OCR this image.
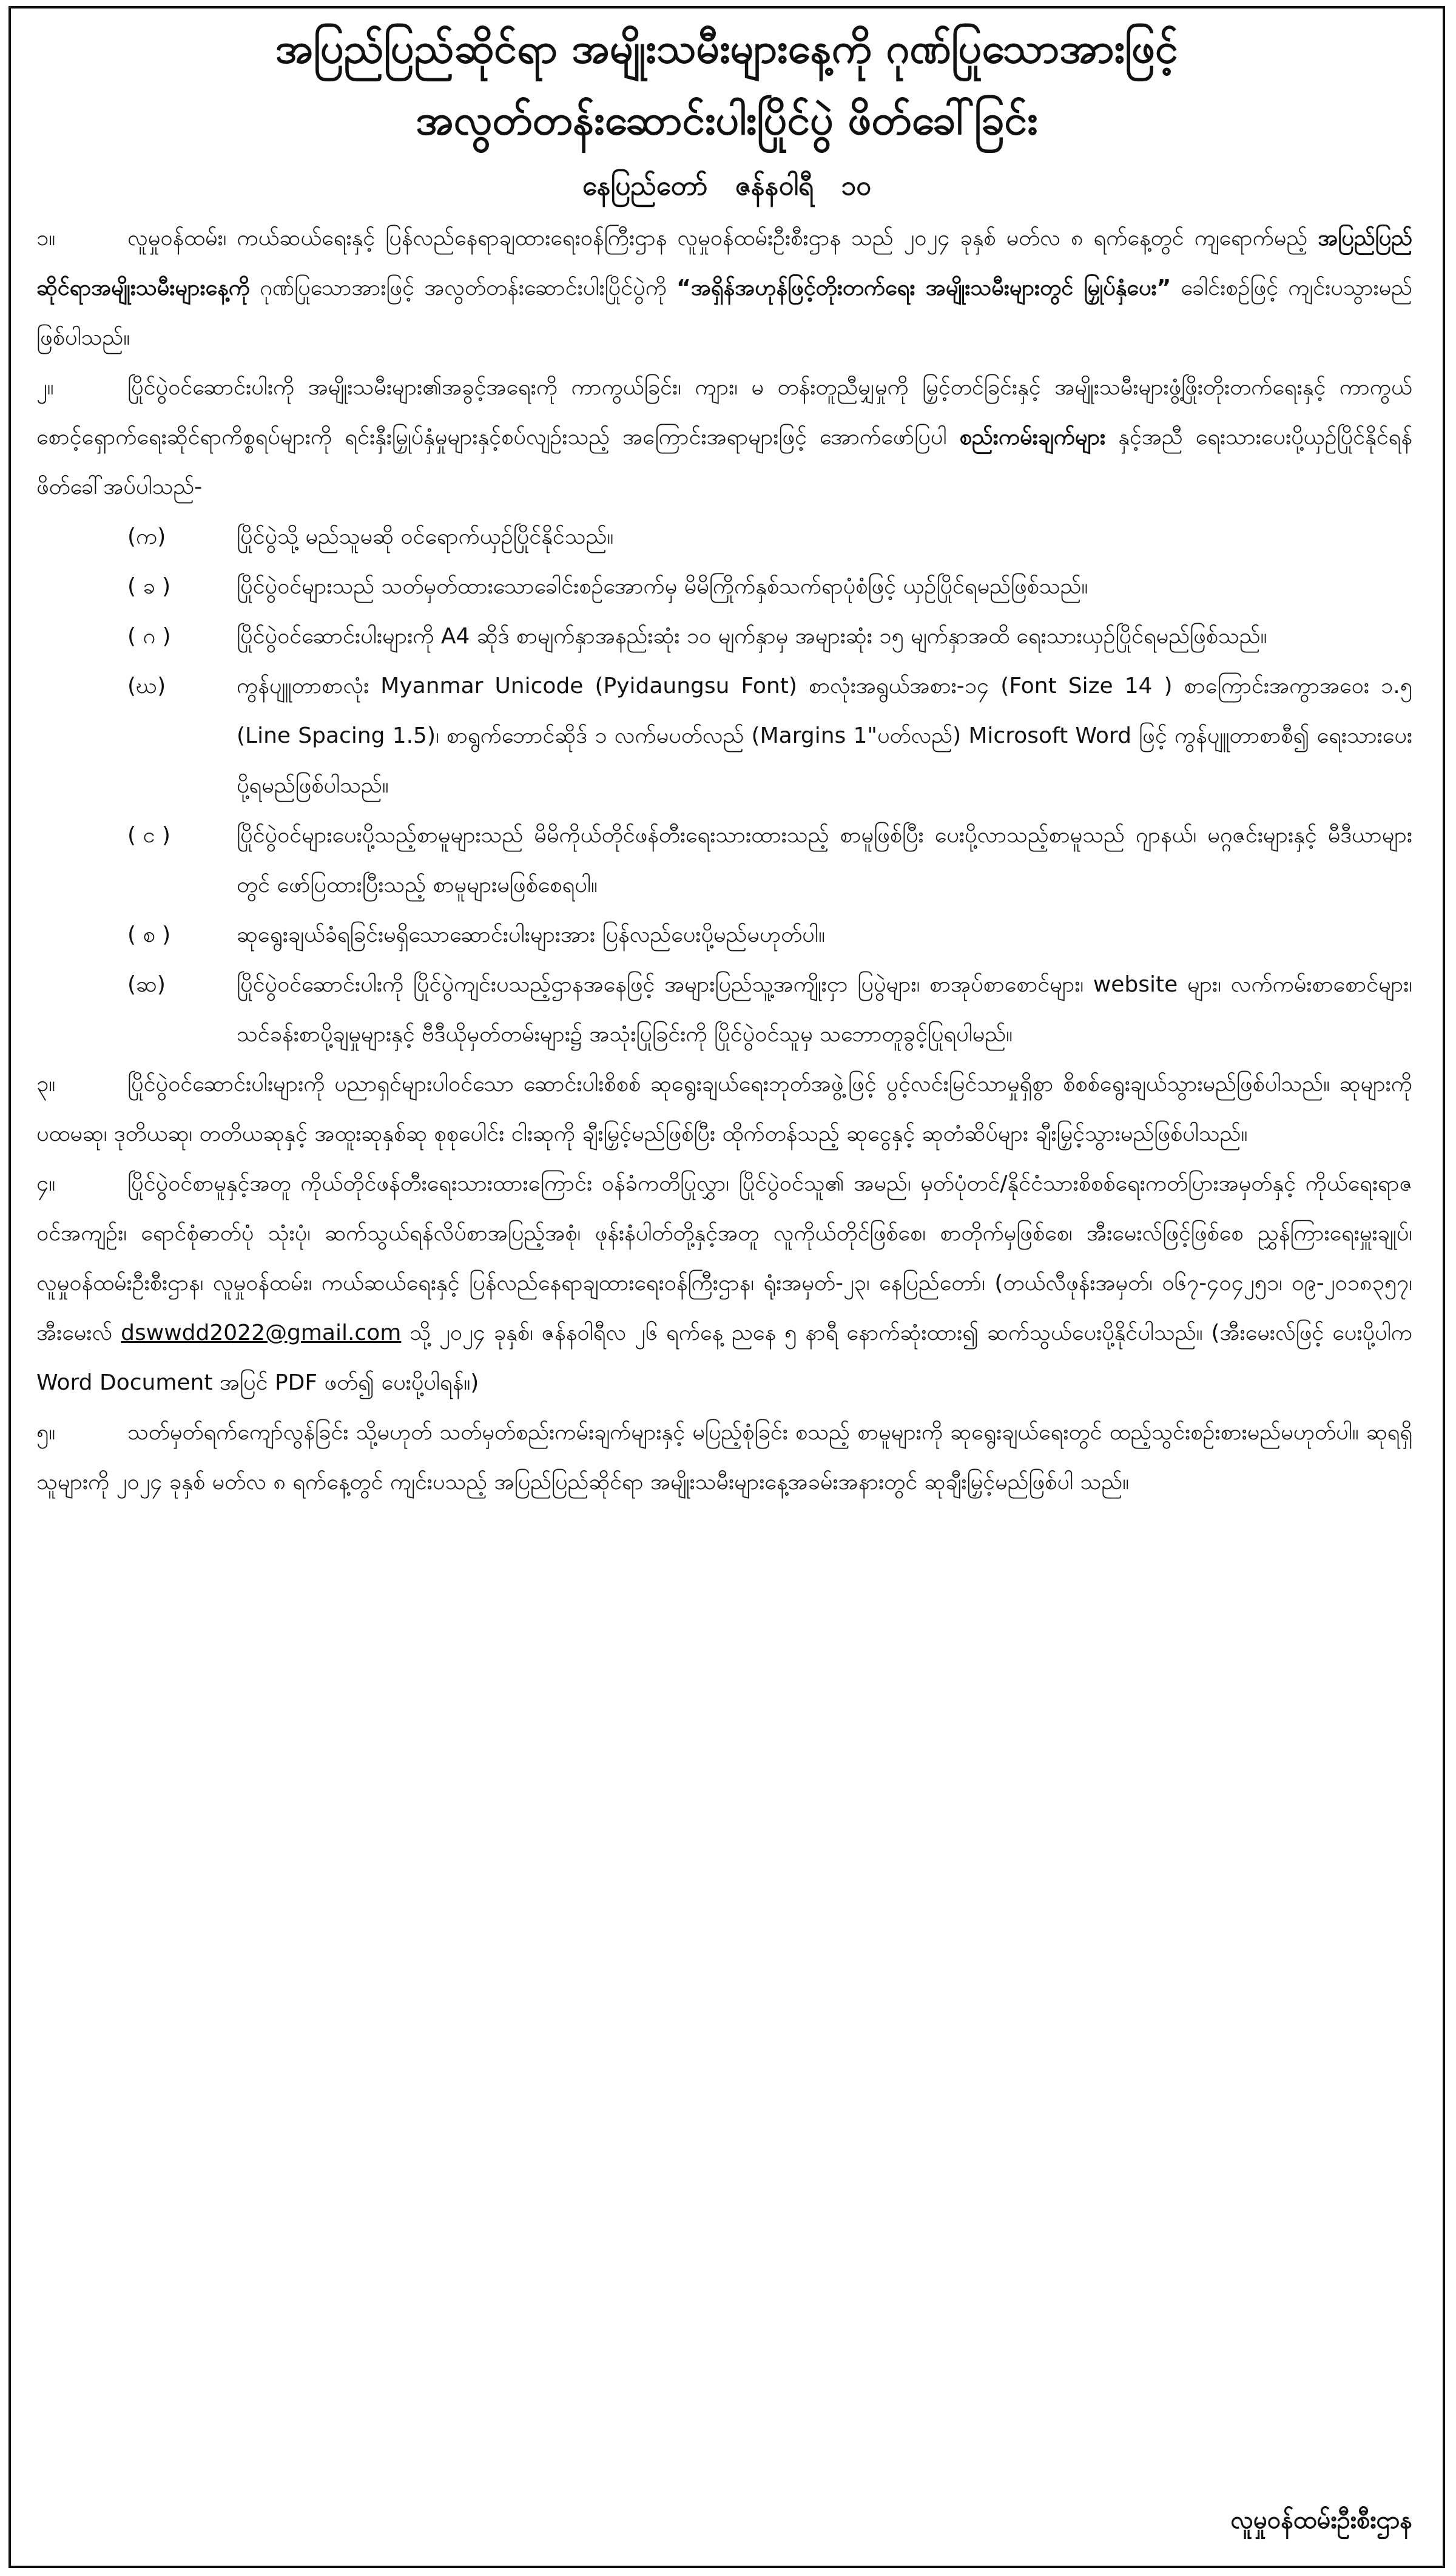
အပြည်ပြည်ဆိုင်ရာ အမျိုးသမီးများနေ့ကို ဂုဏ်ပြုသောအားဖြင့်
အလွတ်တန်းဆောင်းပါးပြိုင်ပွဲ ဖိတ်ခေါ်ခြင်း
နေပြည်တော် ဇန်နဝါရီ ၁၀

၁။	လူမှုဝန်ထမ်း၊ ကယ်ဆယ်ရေးနှင့် ပြန်လည်နေရာချထားရေးဝန်ကြီးဌာန လူမှုဝန်ထမ်းဦးစီးဌာန သည် ၂၀၂၄ ခုနှစ် မတ်လ ၈ ရက်နေ့တွင် ကျရောက်မည့် အပြည်ပြည်ဆိုင်ရာအမျိုးသမီးများနေ့ကို ဂုဏ်ပြုသောအားဖြင့် အလွတ်တန်းဆောင်းပါးပြိုင်ပွဲကို “အရှိန်အဟုန်ဖြင့်တိုးတက်ရေး အမျိုးသမီးများတွင် မြှုပ်နှံပေး” ခေါင်းစဉ်ဖြင့် ကျင်းပသွားမည်ဖြစ်ပါသည်။

၂။	ပြိုင်ပွဲဝင်ဆောင်းပါးကို အမျိုးသမီးများ၏အခွင့်အရေးကို ကာကွယ်ခြင်း၊ ကျား၊ မ တန်းတူညီမျှမှုကို မြှင့်တင်ခြင်းနှင့် အမျိုးသမီးများဖွံ့ဖြိုးတိုးတက်ရေးနှင့် ကာကွယ်စောင့်ရှောက်ရေးဆိုင်ရာကိစ္စရပ်များကို ရင်းနှီးမြှုပ်နှံမှုများနှင့်စပ်လျဉ်းသည့် အကြောင်းအရာများဖြင့် အောက်ဖော်ပြပါ စည်းကမ်းချက်များ နှင့်အညီ ရေးသားပေးပို့ယှဉ်ပြိုင်နိုင်ရန် ဖိတ်ခေါ်အပ်ပါသည်-

(က)	ပြိုင်ပွဲသို့ မည်သူမဆို ဝင်ရောက်ယှဉ်ပြိုင်နိုင်သည်။
( ခ )	ပြိုင်ပွဲဝင်များသည် သတ်မှတ်ထားသောခေါင်းစဉ်အောက်မှ မိမိကြိုက်နှစ်သက်ရာပုံစံဖြင့် ယှဉ်ပြိုင်ရမည်ဖြစ်သည်။
( ဂ )	ပြိုင်ပွဲဝင်ဆောင်းပါးများကို A4 ဆိုဒ် စာမျက်နှာအနည်းဆုံး ၁၀ မျက်နှာမှ အများဆုံး ၁၅ မျက်နှာအထိ ရေးသားယှဉ်ပြိုင်ရမည်ဖြစ်သည်။
(ဃ)	ကွန်ပျူတာစာလုံး Myanmar Unicode (Pyidaungsu Font) စာလုံးအရွယ်အစား-၁၄ (Font Size 14 ) စာကြောင်းအကွာအဝေး ၁.၅ (Line Spacing 1.5)၊ စာရွက်ဘောင်ဆိုဒ် ၁ လက်မပတ်လည် (Margins 1"ပတ်လည်) Microsoft Word ဖြင့် ကွန်ပျူတာစာစီ၍ ရေးသားပေးပို့ရမည်ဖြစ်ပါသည်။
( င )	ပြိုင်ပွဲဝင်များပေးပို့သည့်စာမူများသည် မိမိကိုယ်တိုင်ဖန်တီးရေးသားထားသည့် စာမူဖြစ်ပြီး ပေးပို့လာသည့်စာမူသည် ဂျာနယ်၊ မဂ္ဂဇင်းများနှင့် မီဒီယာများတွင် ဖော်ပြထားပြီးသည့် စာမူများမဖြစ်စေရပါ။
( စ )	ဆုရွေးချယ်ခံရခြင်းမရှိသောဆောင်းပါးများအား ပြန်လည်ပေးပို့မည်မဟုတ်ပါ။
(ဆ)	ပြိုင်ပွဲဝင်ဆောင်းပါးကို ပြိုင်ပွဲကျင်းပသည့်ဌာနအနေဖြင့် အများပြည်သူ့အကျိုးငှာ ပြပွဲများ၊ စာအုပ်စာစောင်များ၊ website များ၊ လက်ကမ်းစာစောင်များ၊ သင်ခန်းစာပို့ချမှုများနှင့် ဗီဒီယိုမှတ်တမ်းများ၌ အသုံးပြုခြင်းကို ပြိုင်ပွဲဝင်သူမှ သဘောတူခွင့်ပြုရပါမည်။

၃။	ပြိုင်ပွဲဝင်ဆောင်းပါးများကို ပညာရှင်များပါဝင်သော ဆောင်းပါးစိစစ် ဆုရွေးချယ်ရေးဘုတ်အဖွဲ့ဖြင့် ပွင့်လင်းမြင်သာမှုရှိစွာ စိစစ်ရွေးချယ်သွားမည်ဖြစ်ပါသည်။ ဆုများကို ပထမဆု၊ ဒုတိယဆု၊ တတိယဆုနှင့် အထူးဆုနှစ်ဆု စုစုပေါင်း ငါးဆုကို ချီးမြှင့်မည်ဖြစ်ပြီး ထိုက်တန်သည့် ဆုငွေနှင့် ဆုတံဆိပ်များ ချီးမြှင့်သွားမည်ဖြစ်ပါသည်။

၄။	ပြိုင်ပွဲဝင်စာမူနှင့်အတူ ကိုယ်တိုင်ဖန်တီးရေးသားထားကြောင်း ဝန်ခံကတိပြုလွှာ၊ ပြိုင်ပွဲဝင်သူ၏ အမည်၊ မှတ်ပုံတင်/နိုင်ငံသားစိစစ်ရေးကတ်ပြားအမှတ်နှင့် ကိုယ်ရေးရာဇဝင်အကျဉ်း၊ ရောင်စုံဓာတ်ပုံ သုံးပုံ၊ ဆက်သွယ်ရန်လိပ်စာအပြည့်အစုံ၊ ဖုန်းနံပါတ်တို့နှင့်အတူ လူကိုယ်တိုင်ဖြစ်စေ၊ စာတိုက်မှဖြစ်စေ၊ အီးမေးလ်ဖြင့်ဖြစ်စေ ညွှန်ကြားရေးမှူးချုပ်၊ လူမှုဝန်ထမ်းဦးစီးဌာန၊ လူမှုဝန်ထမ်း၊ ကယ်ဆယ်ရေးနှင့် ပြန်လည်နေရာချထားရေးဝန်ကြီးဌာန၊ ရုံးအမှတ်-၂၃၊ နေပြည်တော်၊ (တယ်လီဖုန်းအမှတ်၊ ၀၆၇-၄၀၄၂၅၁၊ ၀၉-၂၀၁၈၃၅၇၊ အီးမေးလ် dswwdd2022@gmail.com သို့ ၂၀၂၄ ခုနှစ်၊ ဇန်နဝါရီလ ၂၆ ရက်နေ့ ညနေ ၅ နာရီ နောက်ဆုံးထား၍ ဆက်သွယ်ပေးပို့နိုင်ပါသည်။ (အီးမေးလ်ဖြင့် ပေးပို့ပါက Word Document အပြင် PDF ဖတ်၍ ပေးပို့ပါရန်။)

၅။	သတ်မှတ်ရက်ကျော်လွန်ခြင်း သို့မဟုတ် သတ်မှတ်စည်းကမ်းချက်များနှင့် မပြည့်စုံခြင်း စသည့် စာမူများကို ဆုရွေးချယ်ရေးတွင် ထည့်သွင်းစဉ်းစားမည်မဟုတ်ပါ။ ဆုရရှိသူများကို ၂၀၂၄ ခုနှစ် မတ်လ ၈ ရက်နေ့တွင် ကျင်းပသည့် အပြည်ပြည်ဆိုင်ရာ အမျိုးသမီးများနေ့အခမ်းအနားတွင် ဆုချီးမြှင့်မည်ဖြစ်ပါ သည်။

လူမှုဝန်ထမ်းဦးစီးဌာန
